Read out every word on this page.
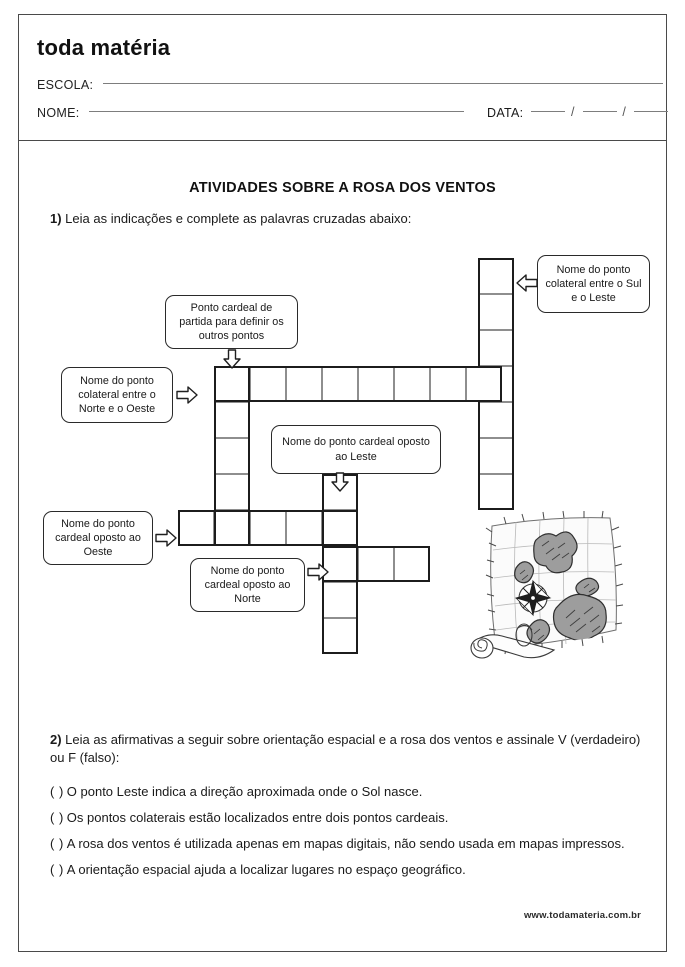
toda matéria
ESCOLA:
NOME:	DATA:	/	/
ATIVIDADES SOBRE A ROSA DOS VENTOS
1) Leia as indicações e complete as palavras cruzadas abaixo:
Nome do ponto colateral entre o Sul e o Leste
Ponto cardeal de partida para definir os outros pontos
Nome do ponto colateral entre o Norte e o Oeste
Nome do ponto cardeal oposto ao Leste
Nome do ponto cardeal oposto ao Oeste
Nome do ponto cardeal oposto ao Norte
2) Leia as afirmativas a seguir sobre orientação espacial e a rosa dos ventos e assinale V (verdadeiro) ou F (falso):
( ) O ponto Leste indica a direção aproximada onde o Sol nasce.
( ) Os pontos colaterais estão localizados entre dois pontos cardeais.
( ) A rosa dos ventos é utilizada apenas em mapas digitais, não sendo usada em mapas impressos.
( ) A orientação espacial ajuda a localizar lugares no espaço geográfico.
www.todamateria.com.br
